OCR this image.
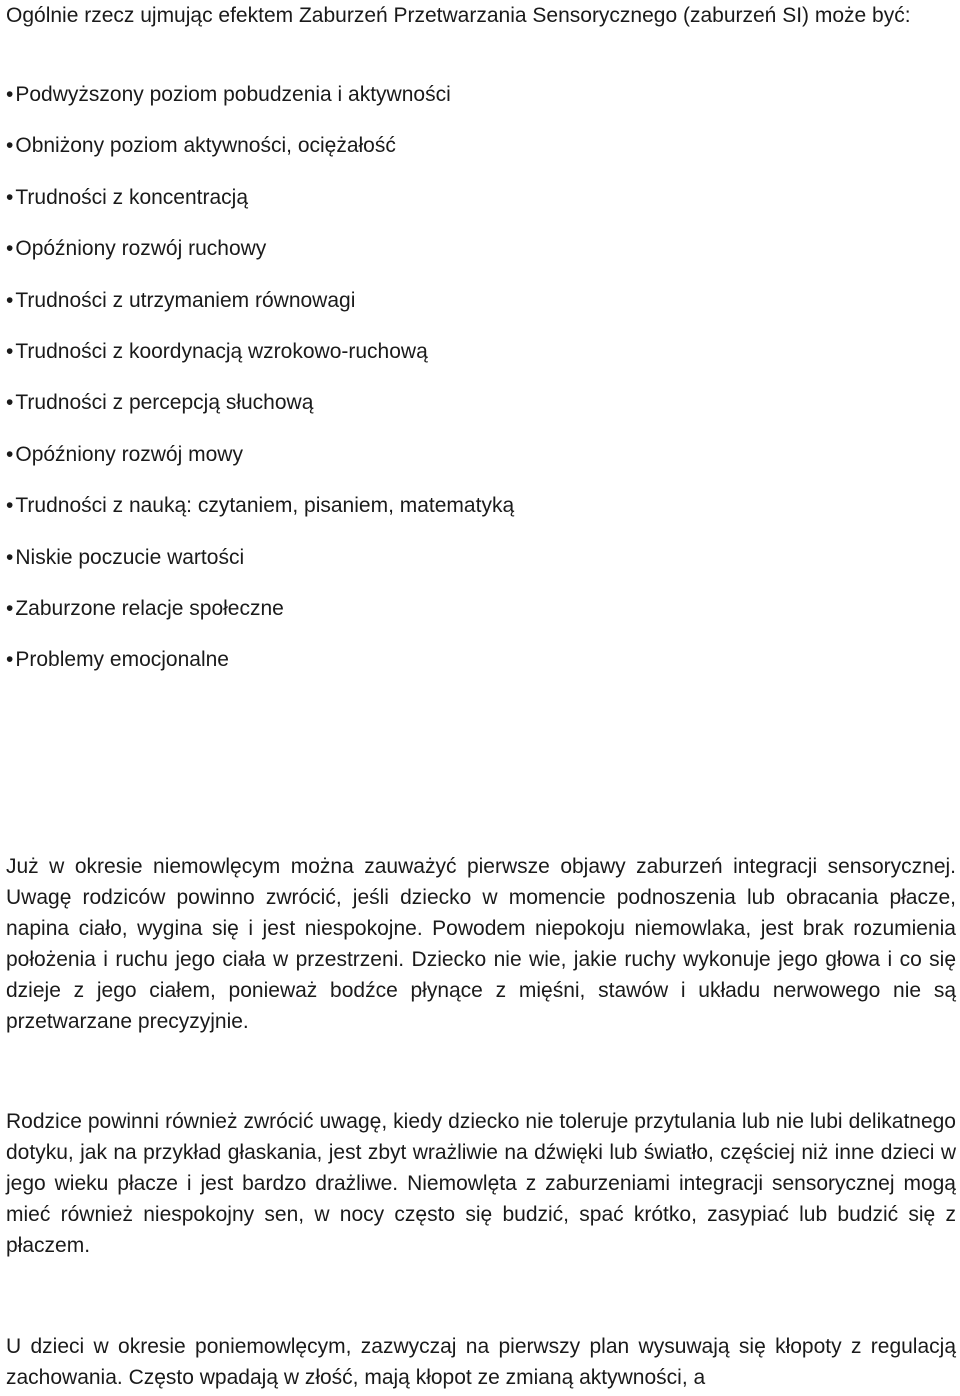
Ogólnie rzecz ujmując efektem Zaburzeń Przetwarzania Sensorycznego (zaburzeń SI) może być:

•Podwyższony poziom pobudzenia i aktywności
•Obniżony poziom aktywności, ociężałość
•Trudności z koncentracją
•Opóźniony rozwój ruchowy
•Trudności z utrzymaniem równowagi
•Trudności z koordynacją wzrokowo-ruchową
•Trudności z percepcją słuchową
•Opóźniony rozwój mowy
•Trudności z nauką: czytaniem, pisaniem, matematyką
•Niskie poczucie wartości
•Zaburzone relacje społeczne
•Problemy emocjonalne

Już w okresie niemowlęcym można zauważyć pierwsze objawy zaburzeń integracji sensorycznej. Uwagę rodziców powinno zwrócić, jeśli dziecko w momencie podnoszenia lub obracania płacze, napina ciało, wygina się i jest niespokojne. Powodem niepokoju niemowlaka, jest brak rozumienia położenia i ruchu jego ciała w przestrzeni. Dziecko nie wie, jakie ruchy wykonuje jego głowa i co się dzieje z jego ciałem, ponieważ bodźce płynące z mięśni, stawów i układu nerwowego nie są przetwarzane precyzyjnie.

Rodzice powinni również zwrócić uwagę, kiedy dziecko nie toleruje przytulania lub nie lubi delikatnego dotyku, jak na przykład głaskania, jest zbyt wrażliwie na dźwięki lub światło, częściej niż inne dzieci w jego wieku płacze i jest bardzo drażliwe. Niemowlęta z zaburzeniami integracji sensorycznej mogą mieć również niespokojny sen, w nocy często się budzić, spać krótko, zasypiać lub budzić się z płaczem.

U dzieci w okresie poniemowlęcym, zazwyczaj na pierwszy plan wysuwają się kłopoty z regulacją zachowania. Często wpadają w złość, mają kłopot ze zmianą aktywności, a
